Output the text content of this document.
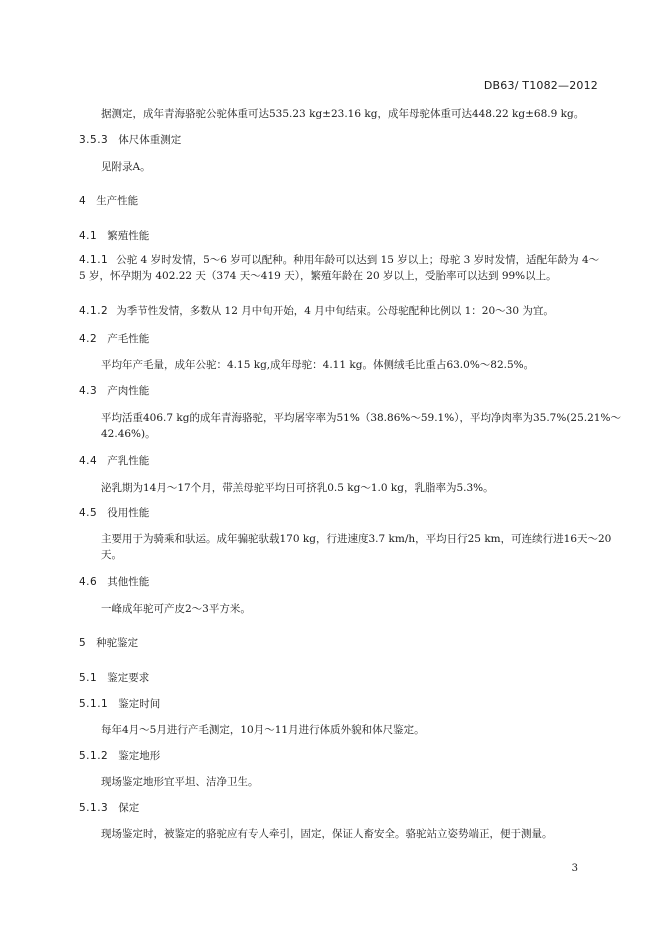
DB63/ T1082—2012
据测定，成年青海骆驼公驼体重可达535.23 kg±23.16 kg，成年母驼体重可达448.22 kg±68.9 kg。
3.5.3 体尺体重测定
见附录A。
4 生产性能
4.1 繁殖性能
4.1.1 公驼 4 岁时发情，5～6 岁可以配种。种用年龄可以达到 15 岁以上；母驼 3 岁时发情，适配年龄为 4～5 岁，怀孕期为 402.22 天（374 天～419 天），繁殖年龄在 20 岁以上，受胎率可以达到 99%以上。
4.1.2 为季节性发情，多数从 12 月中旬开始，4 月中旬结束。公母驼配种比例以 1：20～30 为宜。
4.2 产毛性能
平均年产毛量，成年公驼：4.15 kg,成年母驼：4.11 kg。体侧绒毛比重占63.0%～82.5%。
4.3 产肉性能
平均活重406.7 kg的成年青海骆驼，平均屠宰率为51%（38.86%～59.1%），平均净肉率为35.7%(25.21%～42.46%)。
4.4 产乳性能
泌乳期为14月～17个月，带羔母驼平均日可挤乳0.5 kg～1.0 kg，乳脂率为5.3%。
4.5 役用性能
主要用于为骑乘和驮运。成年骟驼驮载170 kg，行进速度3.7 km/h，平均日行25 km，可连续行进16天～20天。
4.6 其他性能
一峰成年驼可产皮2～3平方米。
5 种驼鉴定
5.1 鉴定要求
5.1.1 鉴定时间
每年4月～5月进行产毛测定，10月～11月进行体质外貌和体尺鉴定。
5.1.2 鉴定地形
现场鉴定地形宜平坦、洁净卫生。
5.1.3 保定
现场鉴定时，被鉴定的骆驼应有专人牵引，固定，保证人畜安全。骆驼站立姿势端正，便于测量。
3
